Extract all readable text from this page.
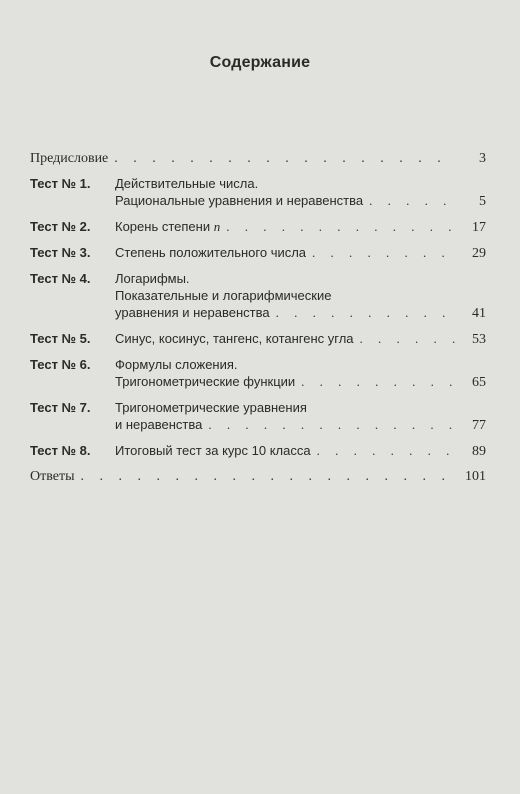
Содержание
Предисловие . . .	3
Тест № 1. Действительные числа.
Рациональные уравнения и неравенства . . .	5
Тест № 2. Корень степени n . . .	17
Тест № 3. Степень положительного числа . . .	29
Тест № 4. Логарифмы.
Показательные и логарифмические
уравнения и неравенства . . .	41
Тест № 5. Синус, косинус, тангенс, котангенс угла . . .	53
Тест № 6. Формулы сложения.
Тригонометрические функции . . .	65
Тест № 7. Тригонометрические уравнения
и неравенства . . .	77
Тест № 8. Итоговый тест за курс 10 класса . . .	89
Ответы . . .	101
